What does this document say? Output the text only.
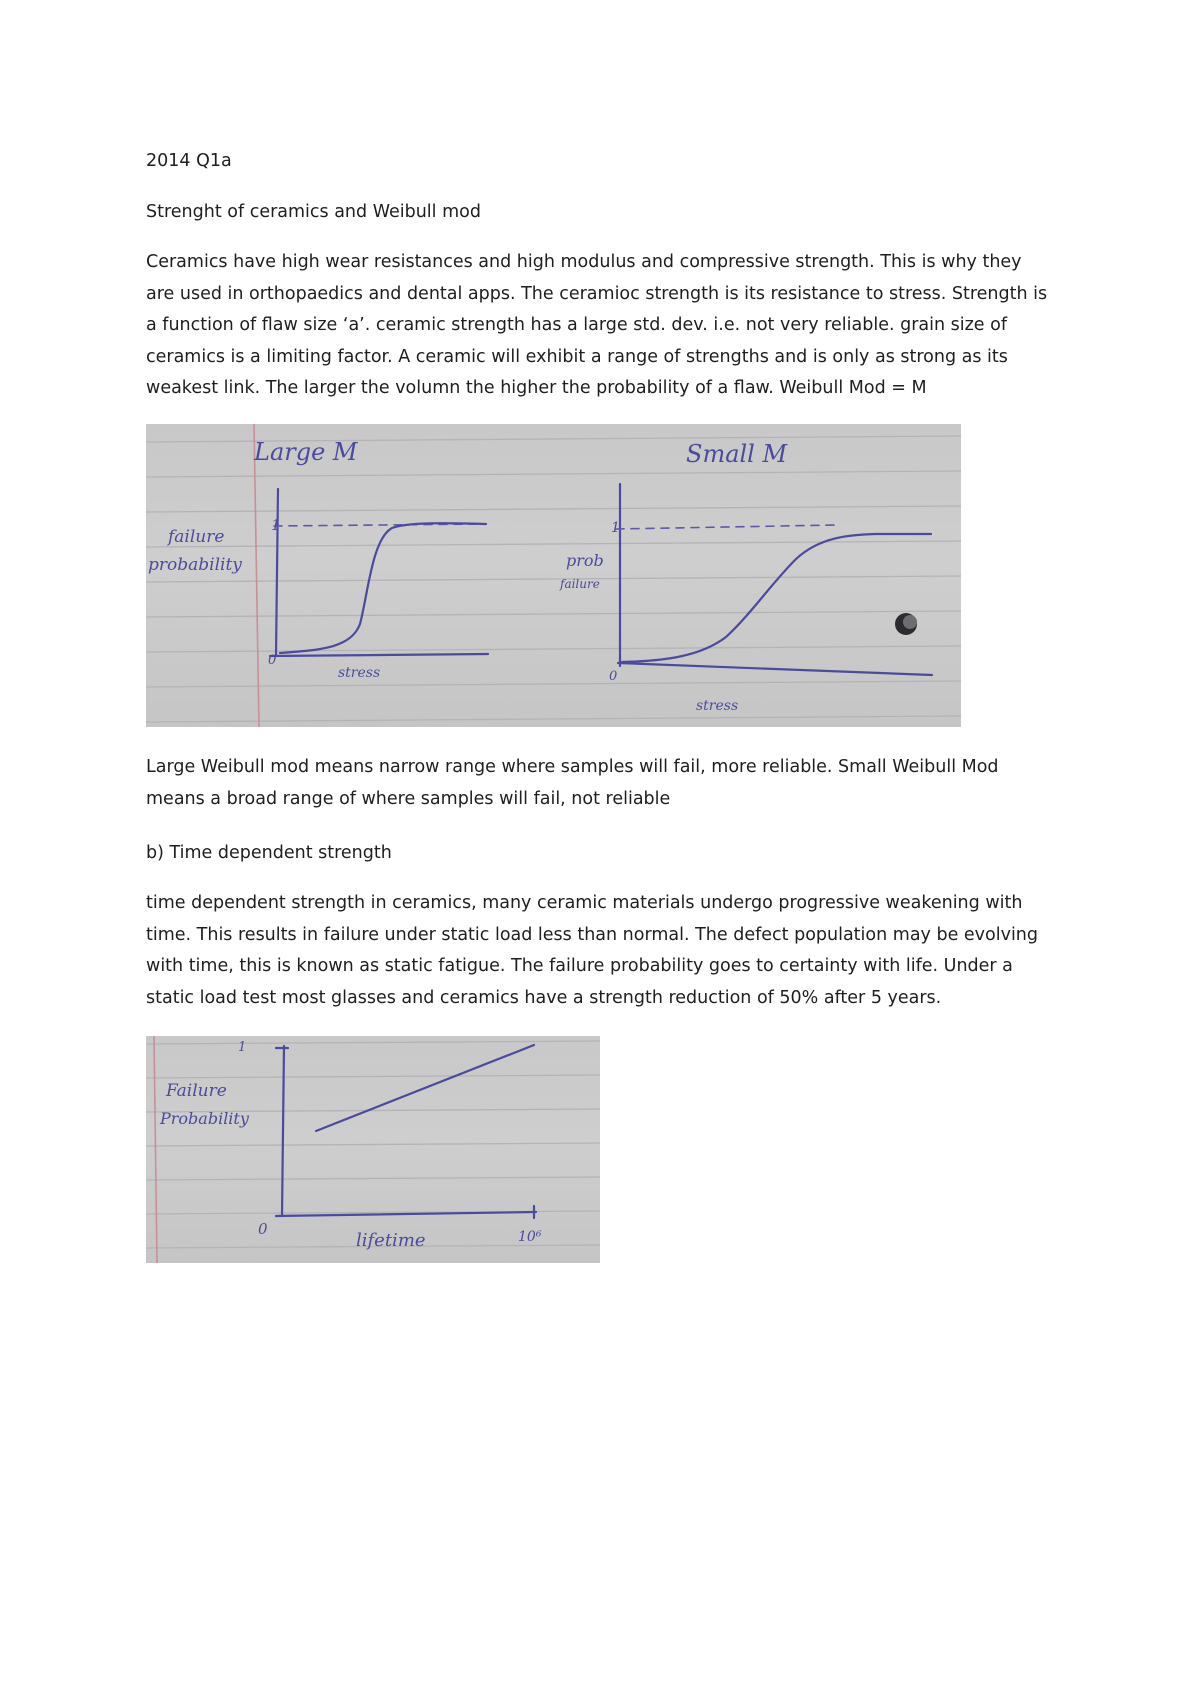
2014 Q1a
Strenght of ceramics and Weibull mod
Ceramics have high wear resistances and high modulus and compressive strength. This is why they
are used in orthopaedics and dental apps. The ceramioc strength is its resistance to stress. Strength is
a function of flaw size ‘a’. ceramic strength has a large std. dev. i.e. not very reliable. grain size of
ceramics is a limiting factor. A ceramic will exhibit a range of strengths and is only as strong as its
weakest link. The larger the volumn the higher the probability of a flaw. Weibull Mod = M
1
0
Large M
failure
probability
stress
1
0
Small M
prob
failure
stress
Large Weibull mod means narrow range where samples will fail, more reliable. Small Weibull Mod
means a broad range of where samples will fail, not reliable
b) Time dependent strength
time dependent strength in ceramics, many ceramic materials undergo progressive weakening with
time. This results in failure under static load less than normal. The defect population may be evolving
with time, this is known as static fatigue. The failure probability goes to certainty with life. Under a
static load test most glasses and ceramics have a strength reduction of 50% after 5 years.
1
0
Failure
Probability
lifetime	10⁶
